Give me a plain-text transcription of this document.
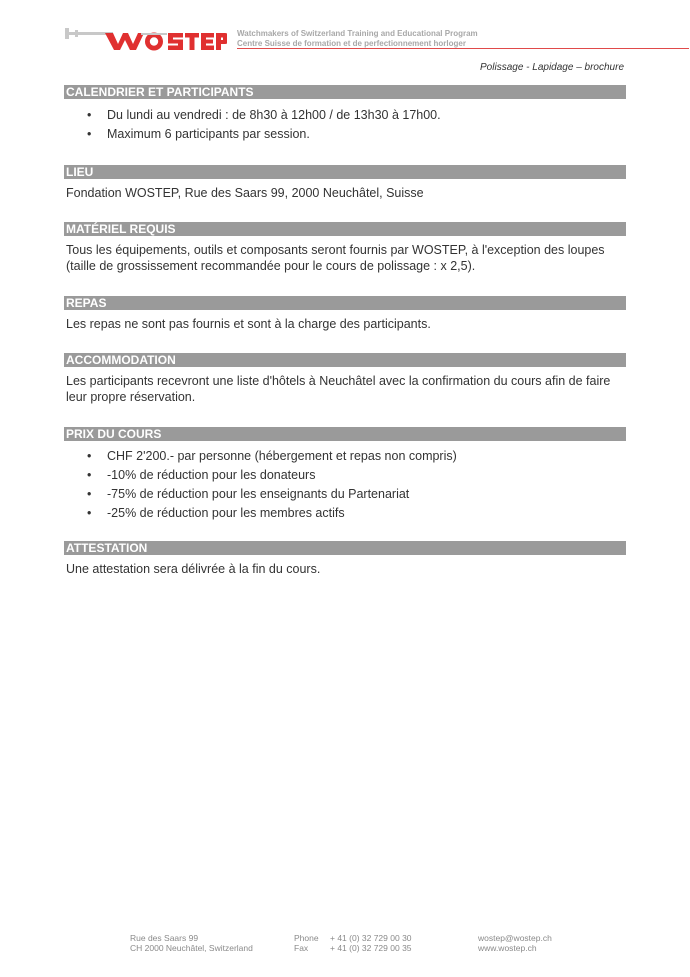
Watchmakers of Switzerland Training and Educational Program
Centre Suisse de formation et de perfectionnement horloger
Polissage - Lapidage – brochure
CALENDRIER ET PARTICIPANTS
• Du lundi au vendredi : de 8h30 à 12h00 / de 13h30 à 17h00.
• Maximum 6 participants par session.
LIEU

Fondation WOSTEP, Rue des Saars 99, 2000 Neuchâtel, Suisse

MATÉRIEL REQUIS

Tous les équipements, outils et composants seront fournis par WOSTEP, à l'exception des loupes (taille de grossissement recommandée pour le cours de polissage : x 2,5).

REPAS

Les repas ne sont pas fournis et sont à la charge des participants.

ACCOMMODATION

Les participants recevront une liste d'hôtels à Neuchâtel avec la confirmation du cours afin de faire leur propre réservation.

PRIX DU COURS
• CHF 2'200.- par personne (hébergement et repas non compris)
• -10% de réduction pour les donateurs
• -75% de réduction pour les enseignants du Partenariat
• -25% de réduction pour les membres actifs
ATTESTATION

Une attestation sera délivrée à la fin du cours.

Rue des Saars 99
CH 2000 Neuchâtel, Switzerland
Phone + 41 (0) 32 729 00 30
Fax	+ 41 (0) 32 729 00 35
wostep@wostep.ch
www.wostep.ch
